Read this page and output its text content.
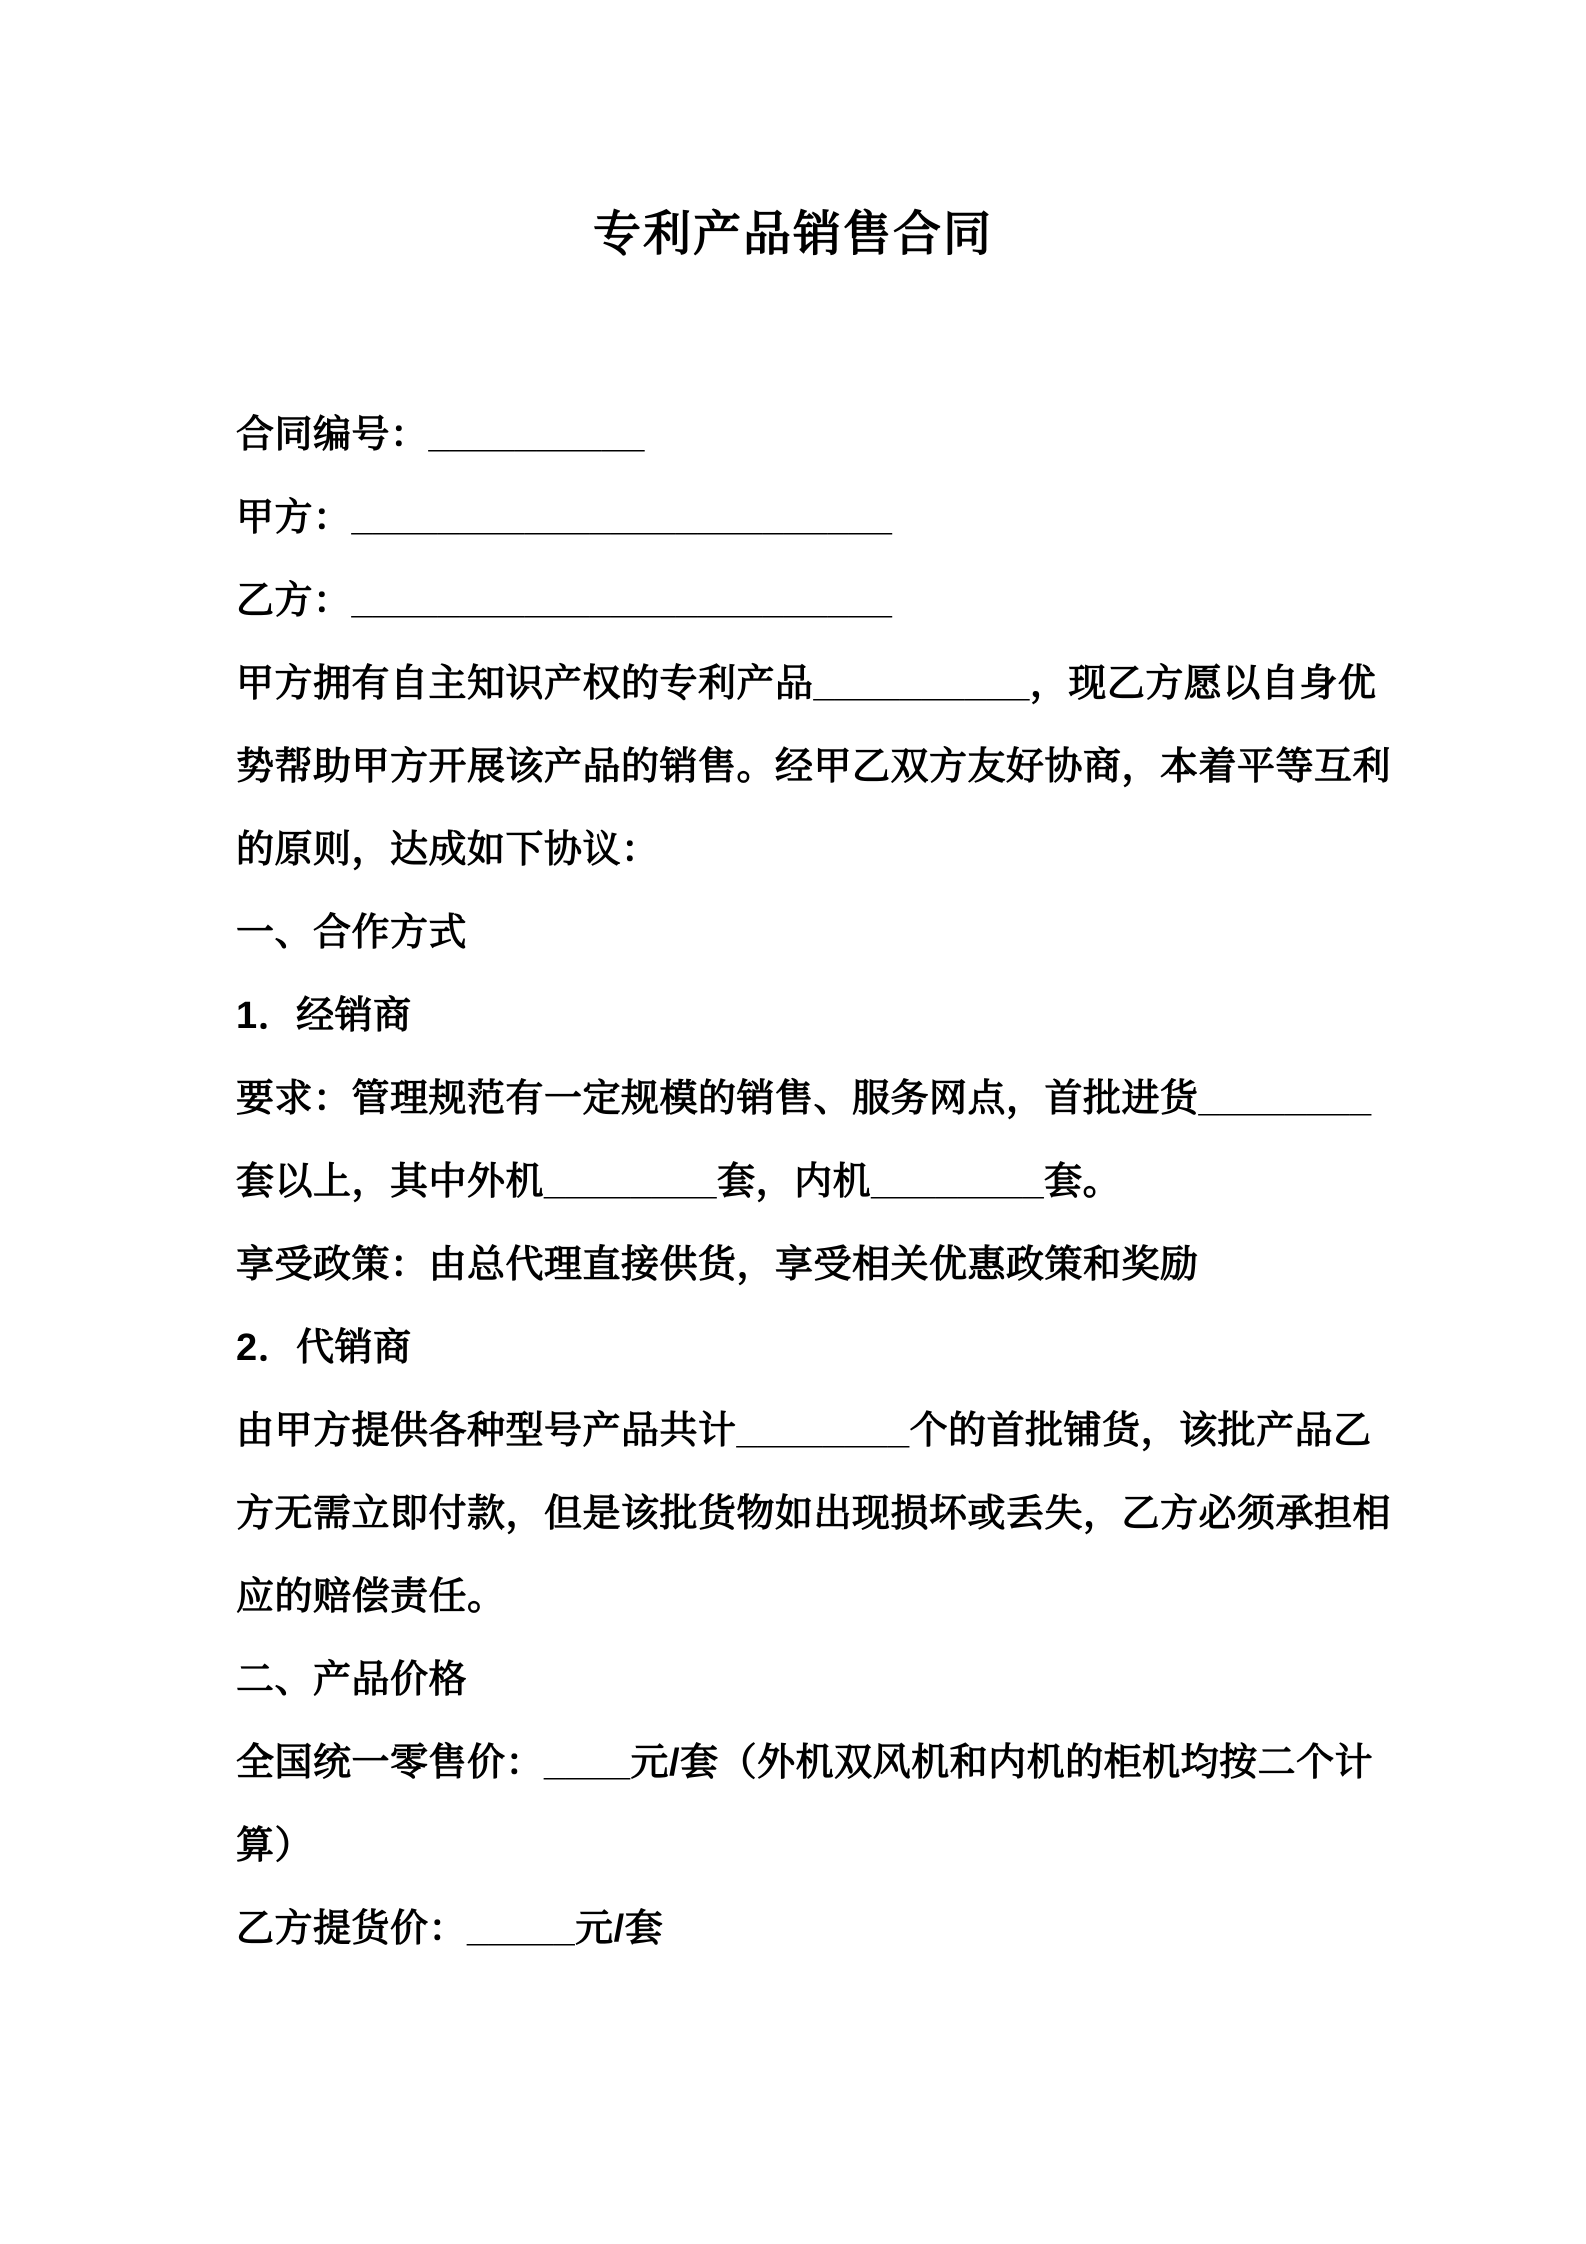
专利产品销售合同
合同编号：__________
甲方：_________________________
乙方：_________________________
甲方拥有自主知识产权的专利产品__________，现乙方愿以自身优
势帮助甲方开展该产品的销售。经甲乙双方友好协商，本着平等互利
的原则，达成如下协议：
一、合作方式
1．经销商
要求：管理规范有一定规模的销售、服务网点，首批进货________
套以上，其中外机________套，内机________套。
享受政策：由总代理直接供货，享受相关优惠政策和奖励
2．代销商
由甲方提供各种型号产品共计________个的首批铺货，该批产品乙
方无需立即付款，但是该批货物如出现损坏或丢失，乙方必须承担相
应的赔偿责任。
二、产品价格
全国统一零售价：____元/套（外机双风机和内机的柜机均按二个计
算）
乙方提货价：_____元/套
